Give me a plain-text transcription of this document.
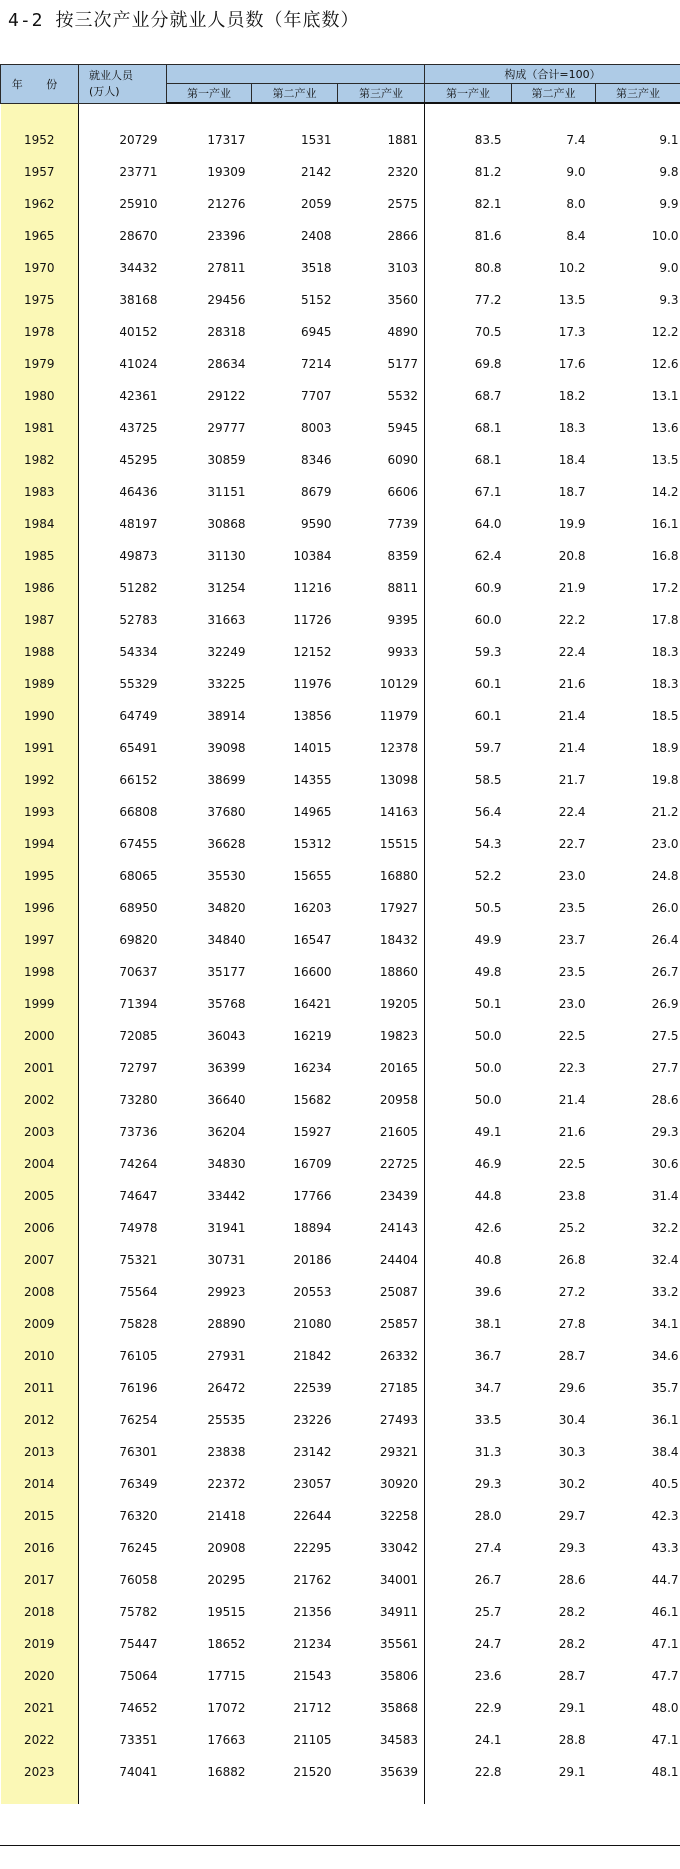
4-2 按三次产业分就业人员数（年底数）
年 份	就业人员
(万人)				构成（合计=100）		
		第一产业	第二产业	第三产业	第一产业	第二产业	第三产业

1952	20729	17317	1531	1881	83.5	7.4	9.1
1957	23771	19309	2142	2320	81.2	9.0	9.8
1962	25910	21276	2059	2575	82.1	8.0	9.9
1965	28670	23396	2408	2866	81.6	8.4	10.0
1970	34432	27811	3518	3103	80.8	10.2	9.0
1975	38168	29456	5152	3560	77.2	13.5	9.3
1978	40152	28318	6945	4890	70.5	17.3	12.2
1979	41024	28634	7214	5177	69.8	17.6	12.6
1980	42361	29122	7707	5532	68.7	18.2	13.1
1981	43725	29777	8003	5945	68.1	18.3	13.6
1982	45295	30859	8346	6090	68.1	18.4	13.5
1983	46436	31151	8679	6606	67.1	18.7	14.2
1984	48197	30868	9590	7739	64.0	19.9	16.1
1985	49873	31130	10384	8359	62.4	20.8	16.8
1986	51282	31254	11216	8811	60.9	21.9	17.2
1987	52783	31663	11726	9395	60.0	22.2	17.8
1988	54334	32249	12152	9933	59.3	22.4	18.3
1989	55329	33225	11976	10129	60.1	21.6	18.3
1990	64749	38914	13856	11979	60.1	21.4	18.5
1991	65491	39098	14015	12378	59.7	21.4	18.9
1992	66152	38699	14355	13098	58.5	21.7	19.8
1993	66808	37680	14965	14163	56.4	22.4	21.2
1994	67455	36628	15312	15515	54.3	22.7	23.0
1995	68065	35530	15655	16880	52.2	23.0	24.8
1996	68950	34820	16203	17927	50.5	23.5	26.0
1997	69820	34840	16547	18432	49.9	23.7	26.4
1998	70637	35177	16600	18860	49.8	23.5	26.7
1999	71394	35768	16421	19205	50.1	23.0	26.9
2000	72085	36043	16219	19823	50.0	22.5	27.5
2001	72797	36399	16234	20165	50.0	22.3	27.7
2002	73280	36640	15682	20958	50.0	21.4	28.6
2003	73736	36204	15927	21605	49.1	21.6	29.3
2004	74264	34830	16709	22725	46.9	22.5	30.6
2005	74647	33442	17766	23439	44.8	23.8	31.4
2006	74978	31941	18894	24143	42.6	25.2	32.2
2007	75321	30731	20186	24404	40.8	26.8	32.4
2008	75564	29923	20553	25087	39.6	27.2	33.2
2009	75828	28890	21080	25857	38.1	27.8	34.1
2010	76105	27931	21842	26332	36.7	28.7	34.6
2011	76196	26472	22539	27185	34.7	29.6	35.7
2012	76254	25535	23226	27493	33.5	30.4	36.1
2013	76301	23838	23142	29321	31.3	30.3	38.4
2014	76349	22372	23057	30920	29.3	30.2	40.5
2015	76320	21418	22644	32258	28.0	29.7	42.3
2016	76245	20908	22295	33042	27.4	29.3	43.3
2017	76058	20295	21762	34001	26.7	28.6	44.7
2018	75782	19515	21356	34911	25.7	28.2	46.1
2019	75447	18652	21234	35561	24.7	28.2	47.1
2020	75064	17715	21543	35806	23.6	28.7	47.7
2021	74652	17072	21712	35868	22.9	29.1	48.0
2022	73351	17663	21105	34583	24.1	28.8	47.1
2023	74041	16882	21520	35639	22.8	29.1	48.1
